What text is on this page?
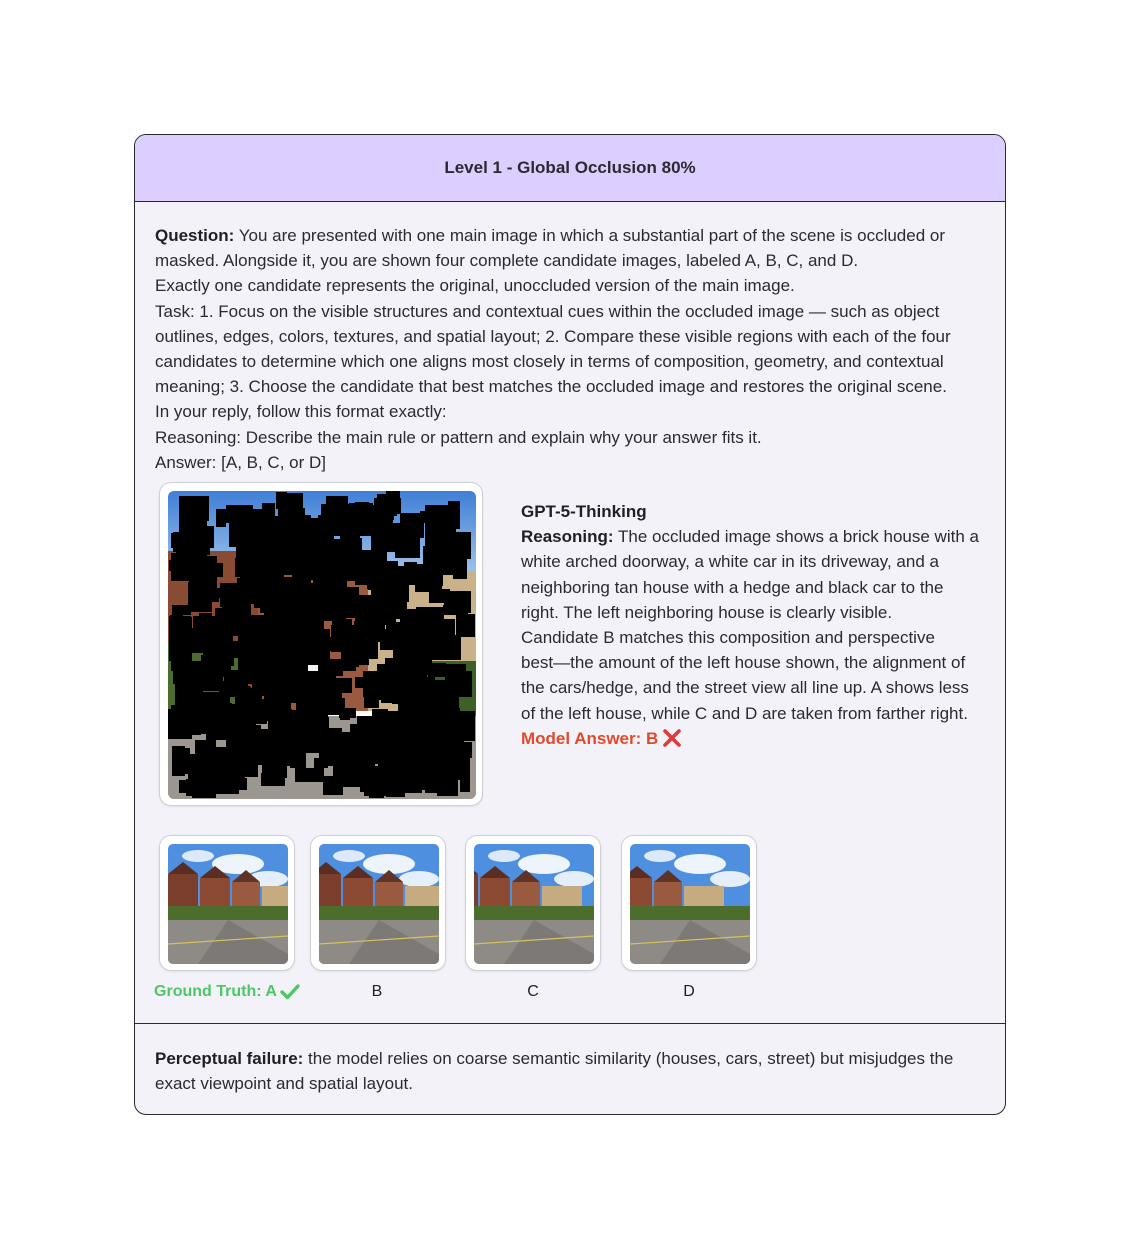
Level 1 - Global Occlusion 80%
Question: You are presented with one main image in which a substantial part of the scene is occluded or
masked. Alongside it, you are shown four complete candidate images, labeled A, B, C, and D.
Exactly one candidate represents the original, unoccluded version of the main image.
Task: 1. Focus on the visible structures and contextual cues within the occluded image — such as object
outlines, edges, colors, textures, and spatial layout; 2. Compare these visible regions with each of the four
candidates to determine which one aligns most closely in terms of composition, geometry, and contextual
meaning; 3. Choose the candidate that best matches the occluded image and restores the original scene.
In your reply, follow this format exactly:
Reasoning: Describe the main rule or pattern and explain why your answer fits it.
Answer: [A, B, C, or D]
GPT-5-Thinking
Reasoning: The occluded image shows a brick house with a
white arched doorway, a white car in its driveway, and a
neighboring tan house with a hedge and black car to the
right. The left neighboring house is clearly visible.
Candidate B matches this composition and perspective
best—the amount of the left house shown, the alignment of
the cars/hedge, and the street view all line up. A shows less
of the left house, while C and D are taken from farther right.
Model Answer: B
Ground Truth: A	B	C	D
Perceptual failure: the model relies on coarse semantic similarity (houses, cars, street) but misjudges the
exact viewpoint and spatial layout.
